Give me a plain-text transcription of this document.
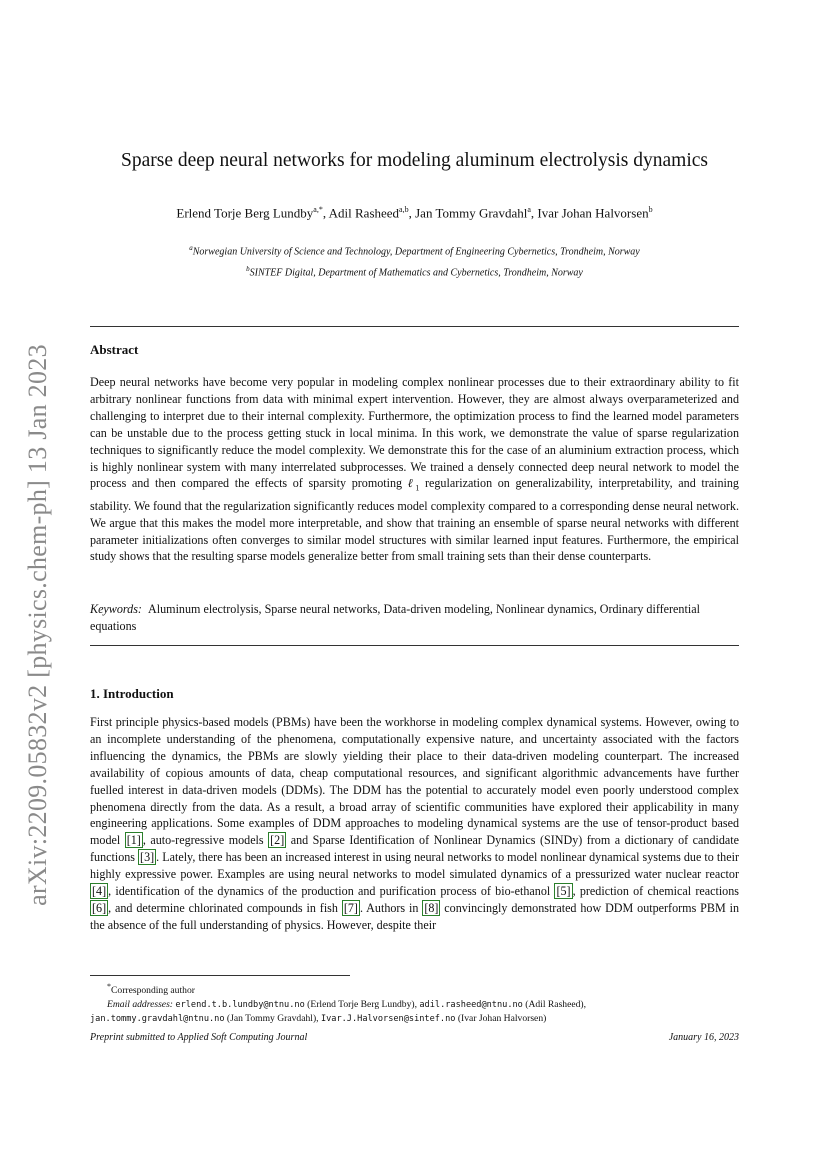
arXiv:2209.05832v2 [physics.chem-ph] 13 Jan 2023
Sparse deep neural networks for modeling aluminum electrolysis dynamics
Erlend Torje Berg Lundby$^{a,*}$, Adil Rasheed$^{a,b}$, Jan Tommy Gravdahl$^a$, Ivar Johan Halvorsen$^b$
$^a$Norwegian University of Science and Technology, Department of Engineering Cybernetics, Trondheim, Norway
$^b$SINTEF Digital, Department of Mathematics and Cybernetics, Trondheim, Norway
Abstract
Deep neural networks have become very popular in modeling complex nonlinear processes due to their extraordinary ability to fit arbitrary nonlinear functions from data with minimal expert intervention. However, they are almost always overparameterized and challenging to interpret due to their internal complexity. Furthermore, the optimization process to find the learned model parameters can be unstable due to the process getting stuck in local minima. In this work, we demonstrate the value of sparse regularization techniques to significantly reduce the model complexity. We demonstrate this for the case of an aluminium extraction process, which is highly nonlinear system with many interrelated subprocesses. We trained a densely connected deep neural network to model the process and then compared the effects of sparsity promoting ℓ$_1$ regularization on generalizability, interpretability, and training stability. We found that the regularization significantly reduces model complexity compared to a corresponding dense neural network. We argue that this makes the model more interpretable, and show that training an ensemble of sparse neural networks with different parameter initializations often converges to similar model structures with similar learned input features. Furthermore, the empirical study shows that the resulting sparse models generalize better from small training sets than their dense counterparts.
Keywords: Aluminum electrolysis, Sparse neural networks, Data-driven modeling, Nonlinear dynamics, Ordinary differential equations
1. Introduction
First principle physics-based models (PBMs) have been the workhorse in modeling complex dynamical systems. However, owing to an incomplete understanding of the phenomena, computationally expensive nature, and uncertainty associated with the factors influencing the dynamics, the PBMs are slowly yielding their place to their data-driven modeling counterpart. The increased availability of copious amounts of data, cheap computational resources, and significant algorithmic advancements have further fuelled interest in data-driven models (DDMs). The DDM has the potential to accurately model even poorly understood complex phenomena directly from the data. As a result, a broad array of scientific communities have explored their applicability in many engineering applications. Some examples of DDM approaches to modeling dynamical systems are the use of tensor-product based model [1] , auto-regressive models [2] and Sparse Identification of Nonlinear Dynamics (SINDy) from a dictionary of candidate functions [3] . Lately, there has been an increased interest in using neural networks to model nonlinear dynamical systems due to their highly expressive power. Examples are using neural networks to model simulated dynamics of a pressurized water nuclear reactor [4] , identification of the dynamics of the production and purification process of bio-ethanol [5] , prediction of chemical reactions [6] , and determine chlorinated compounds in fish [7] . Authors in [8] convincingly demonstrated how DDM outperforms PBM in the absence of the full understanding of physics. However, despite their
*Corresponding author
Email addresses: erlend.t.b.lundby@ntnu.no (Erlend Torje Berg Lundby), adil.rasheed@ntnu.no (Adil Rasheed),
jan.tommy.gravdahl@ntnu.no (Jan Tommy Gravdahl), Ivar.J.Halvorsen@sintef.no (Ivar Johan Halvorsen)
Preprint submitted to Applied Soft Computing Journal	January 16, 2023
